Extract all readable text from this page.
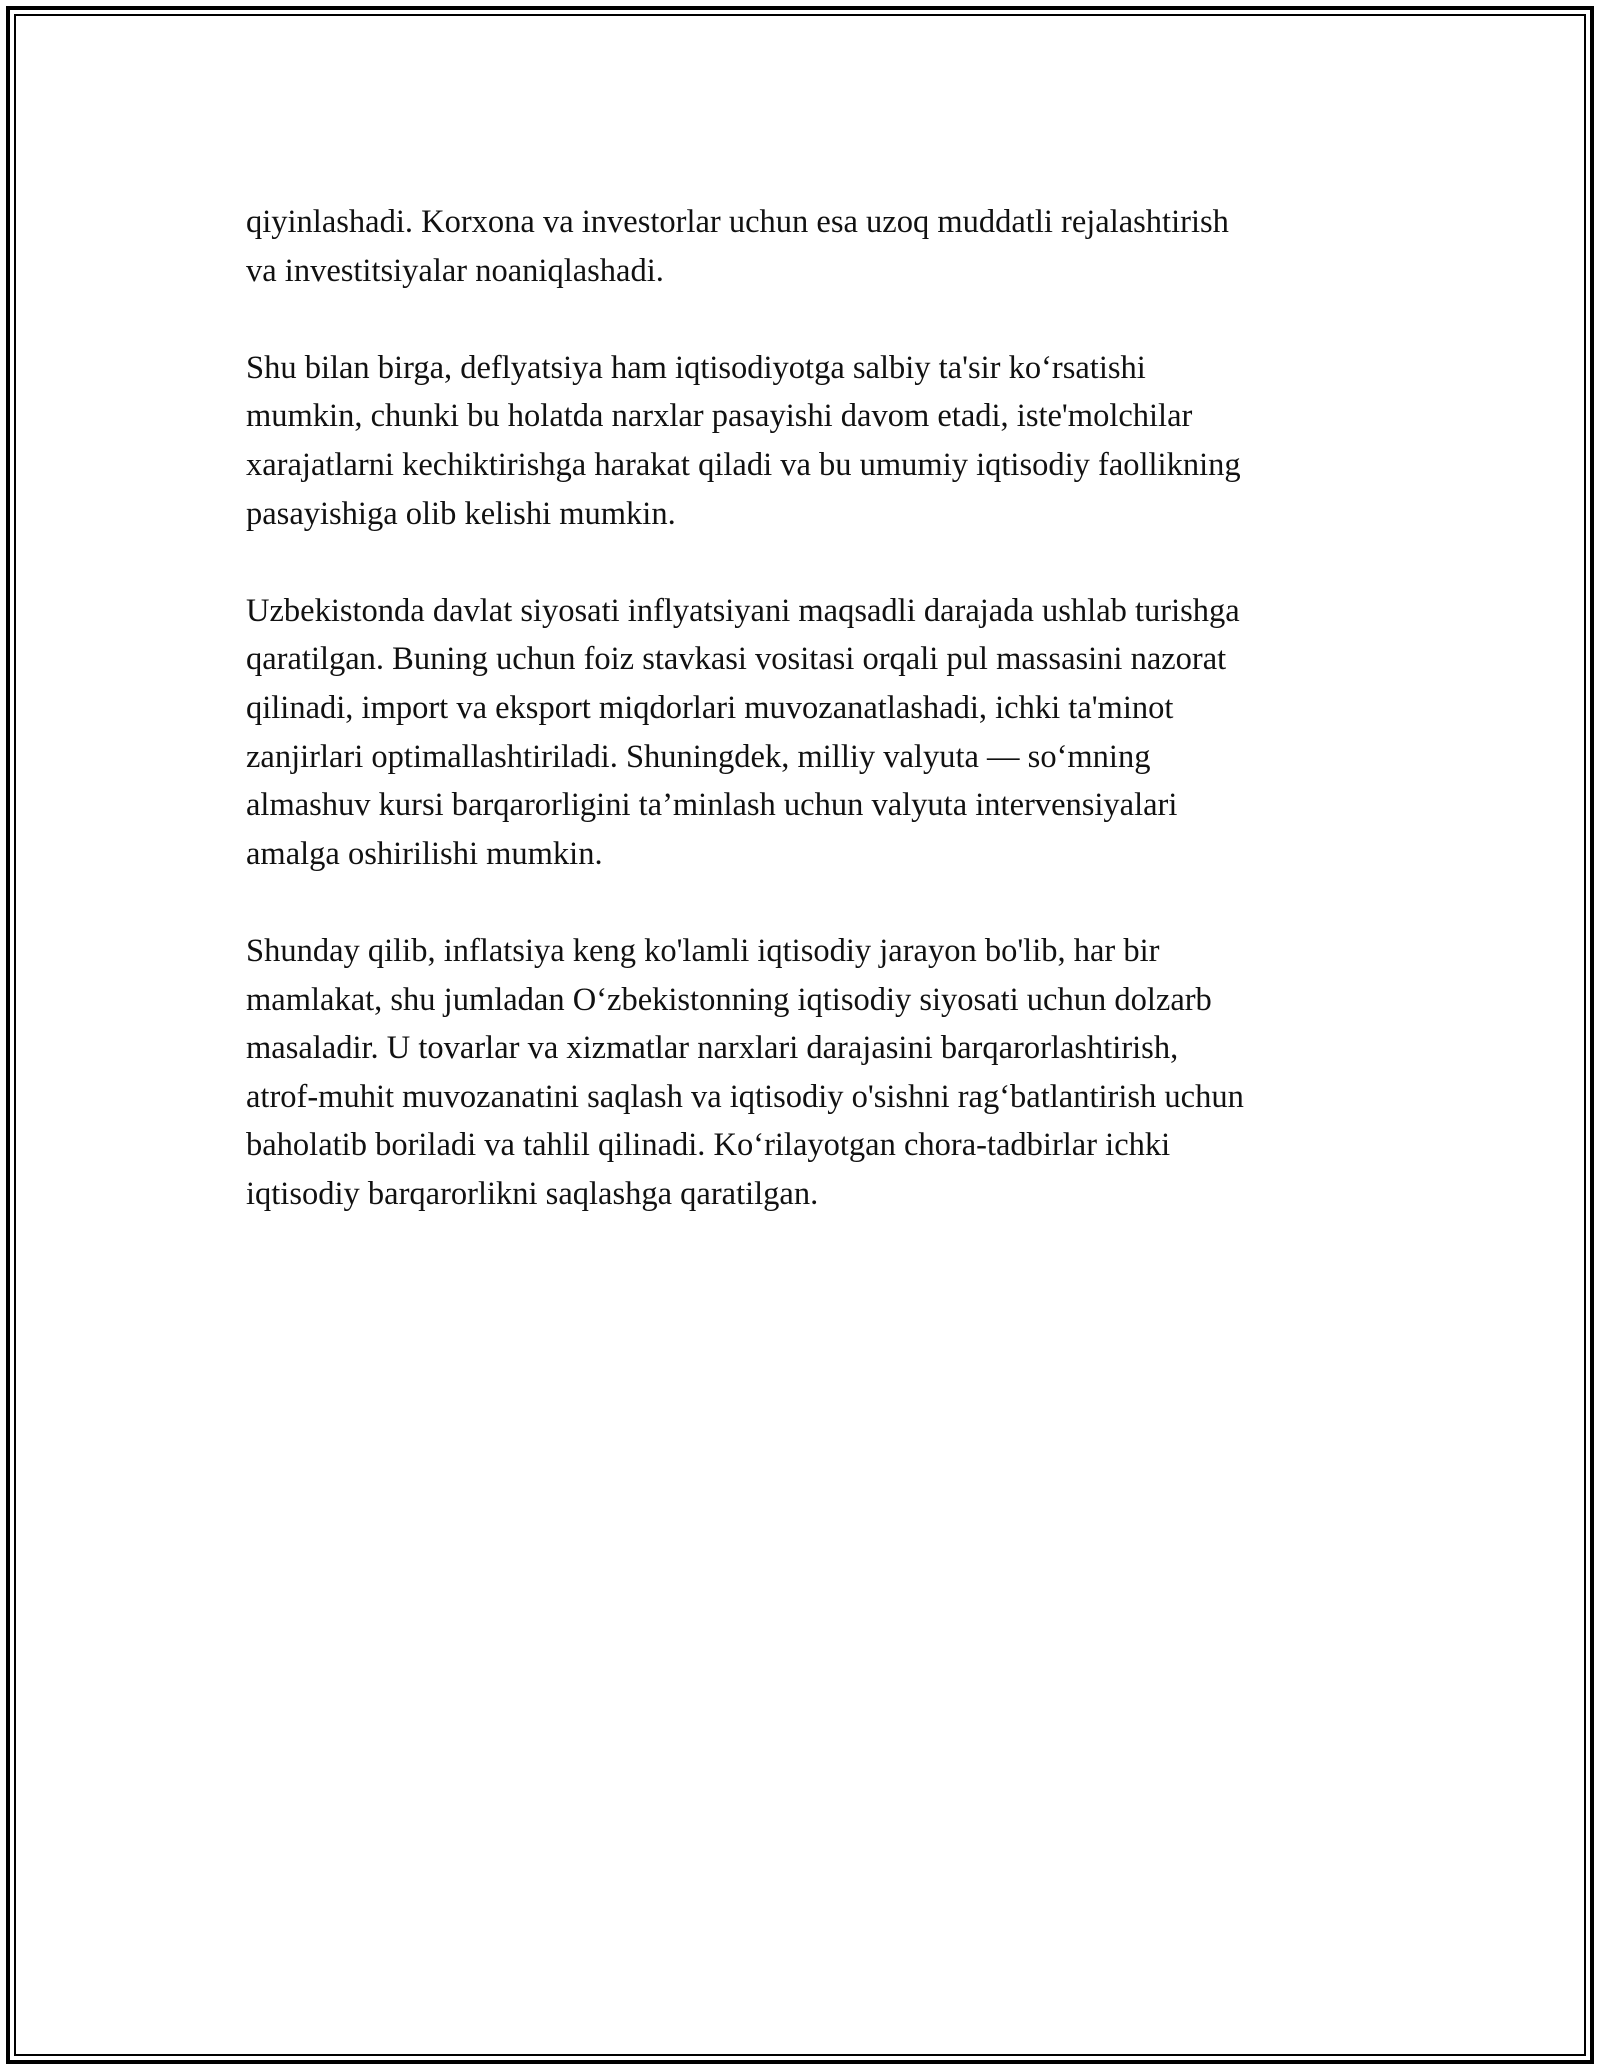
qiyinlashadi. Korxona va investorlar uchun esa uzoq muddatli rejalashtirish
va investitsiyalar noaniqlashadi.

Shu bilan birga, deflyatsiya ham iqtisodiyotga salbiy ta'sir ko‘rsatishi
mumkin, chunki bu holatda narxlar pasayishi davom etadi, iste'molchilar
xarajatlarni kechiktirishga harakat qiladi va bu umumiy iqtisodiy faollikning
pasayishiga olib kelishi mumkin.

Uzbekistonda davlat siyosati inflyatsiyani maqsadli darajada ushlab turishga
qaratilgan. Buning uchun foiz stavkasi vositasi orqali pul massasini nazorat
qilinadi, import va eksport miqdorlari muvozanatlashadi, ichki ta'minot
zanjirlari optimallashtiriladi. Shuningdek, milliy valyuta — so‘mning
almashuv kursi barqarorligini ta’minlash uchun valyuta intervensiyalari
amalga oshirilishi mumkin.

Shunday qilib, inflatsiya keng ko'lamli iqtisodiy jarayon bo'lib, har bir
mamlakat, shu jumladan O‘zbekistonning iqtisodiy siyosati uchun dolzarb
masaladir. U tovarlar va xizmatlar narxlari darajasini barqarorlashtirish,
atrof-muhit muvozanatini saqlash va iqtisodiy o'sishni rag‘batlantirish uchun
baholatib boriladi va tahlil qilinadi. Ko‘rilayotgan chora-tadbirlar ichki
iqtisodiy barqarorlikni saqlashga qaratilgan.
